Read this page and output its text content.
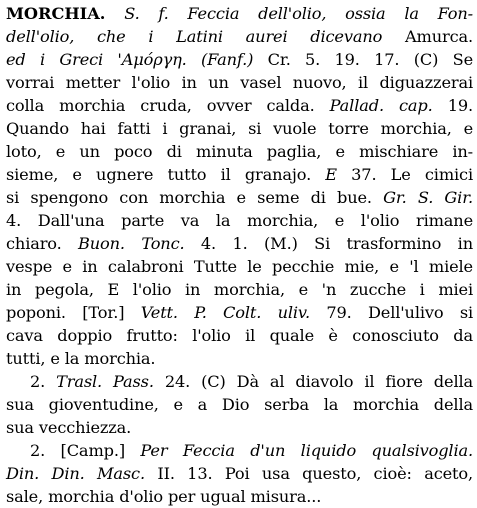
MORCHIA. S. f. Feccia dell'olio, ossia la Fon-
dell'olio, che i Latini aurei dicevano Amurca.
ed i Greci 'Αμόργη. (Fanf.) Cr. 5. 19. 17. (C) Se
vorrai metter l'olio in un vasel nuovo, il diguazzerai
colla morchia cruda, ovver calda. Pallad. cap. 19.
Quando hai fatti i granai, si vuole torre morchia, e
loto, e un poco di minuta paglia, e mischiare in-
sieme, e ugnere tutto il granajo. E 37. Le cimici
si spengono con morchia e seme di bue. Gr. S. Gir.
4. Dall'una parte va la morchia, e l'olio rimane
chiaro. Buon. Tonc. 4. 1. (M.) Si trasformino in
vespe e in calabroni Tutte le pecchie mie, e 'l miele
in pegola, E l'olio in morchia, e 'n zucche i miei
poponi. [Tor.] Vett. P. Colt. uliv. 79. Dell'ulivo si
cava doppio frutto: l'olio il quale è conosciuto da
tutti, e la morchia.
2. Trasl. Pass. 24. (C) Dà al diavolo il fiore della
sua gioventudine, e a Dio serba la morchia della
sua vecchiezza.
2. [Camp.] Per Feccia d'un liquido qualsivoglia.
Din. Din. Masc. II. 13. Poi usa questo, cioè: aceto,
sale, morchia d'olio per ugual misura...
